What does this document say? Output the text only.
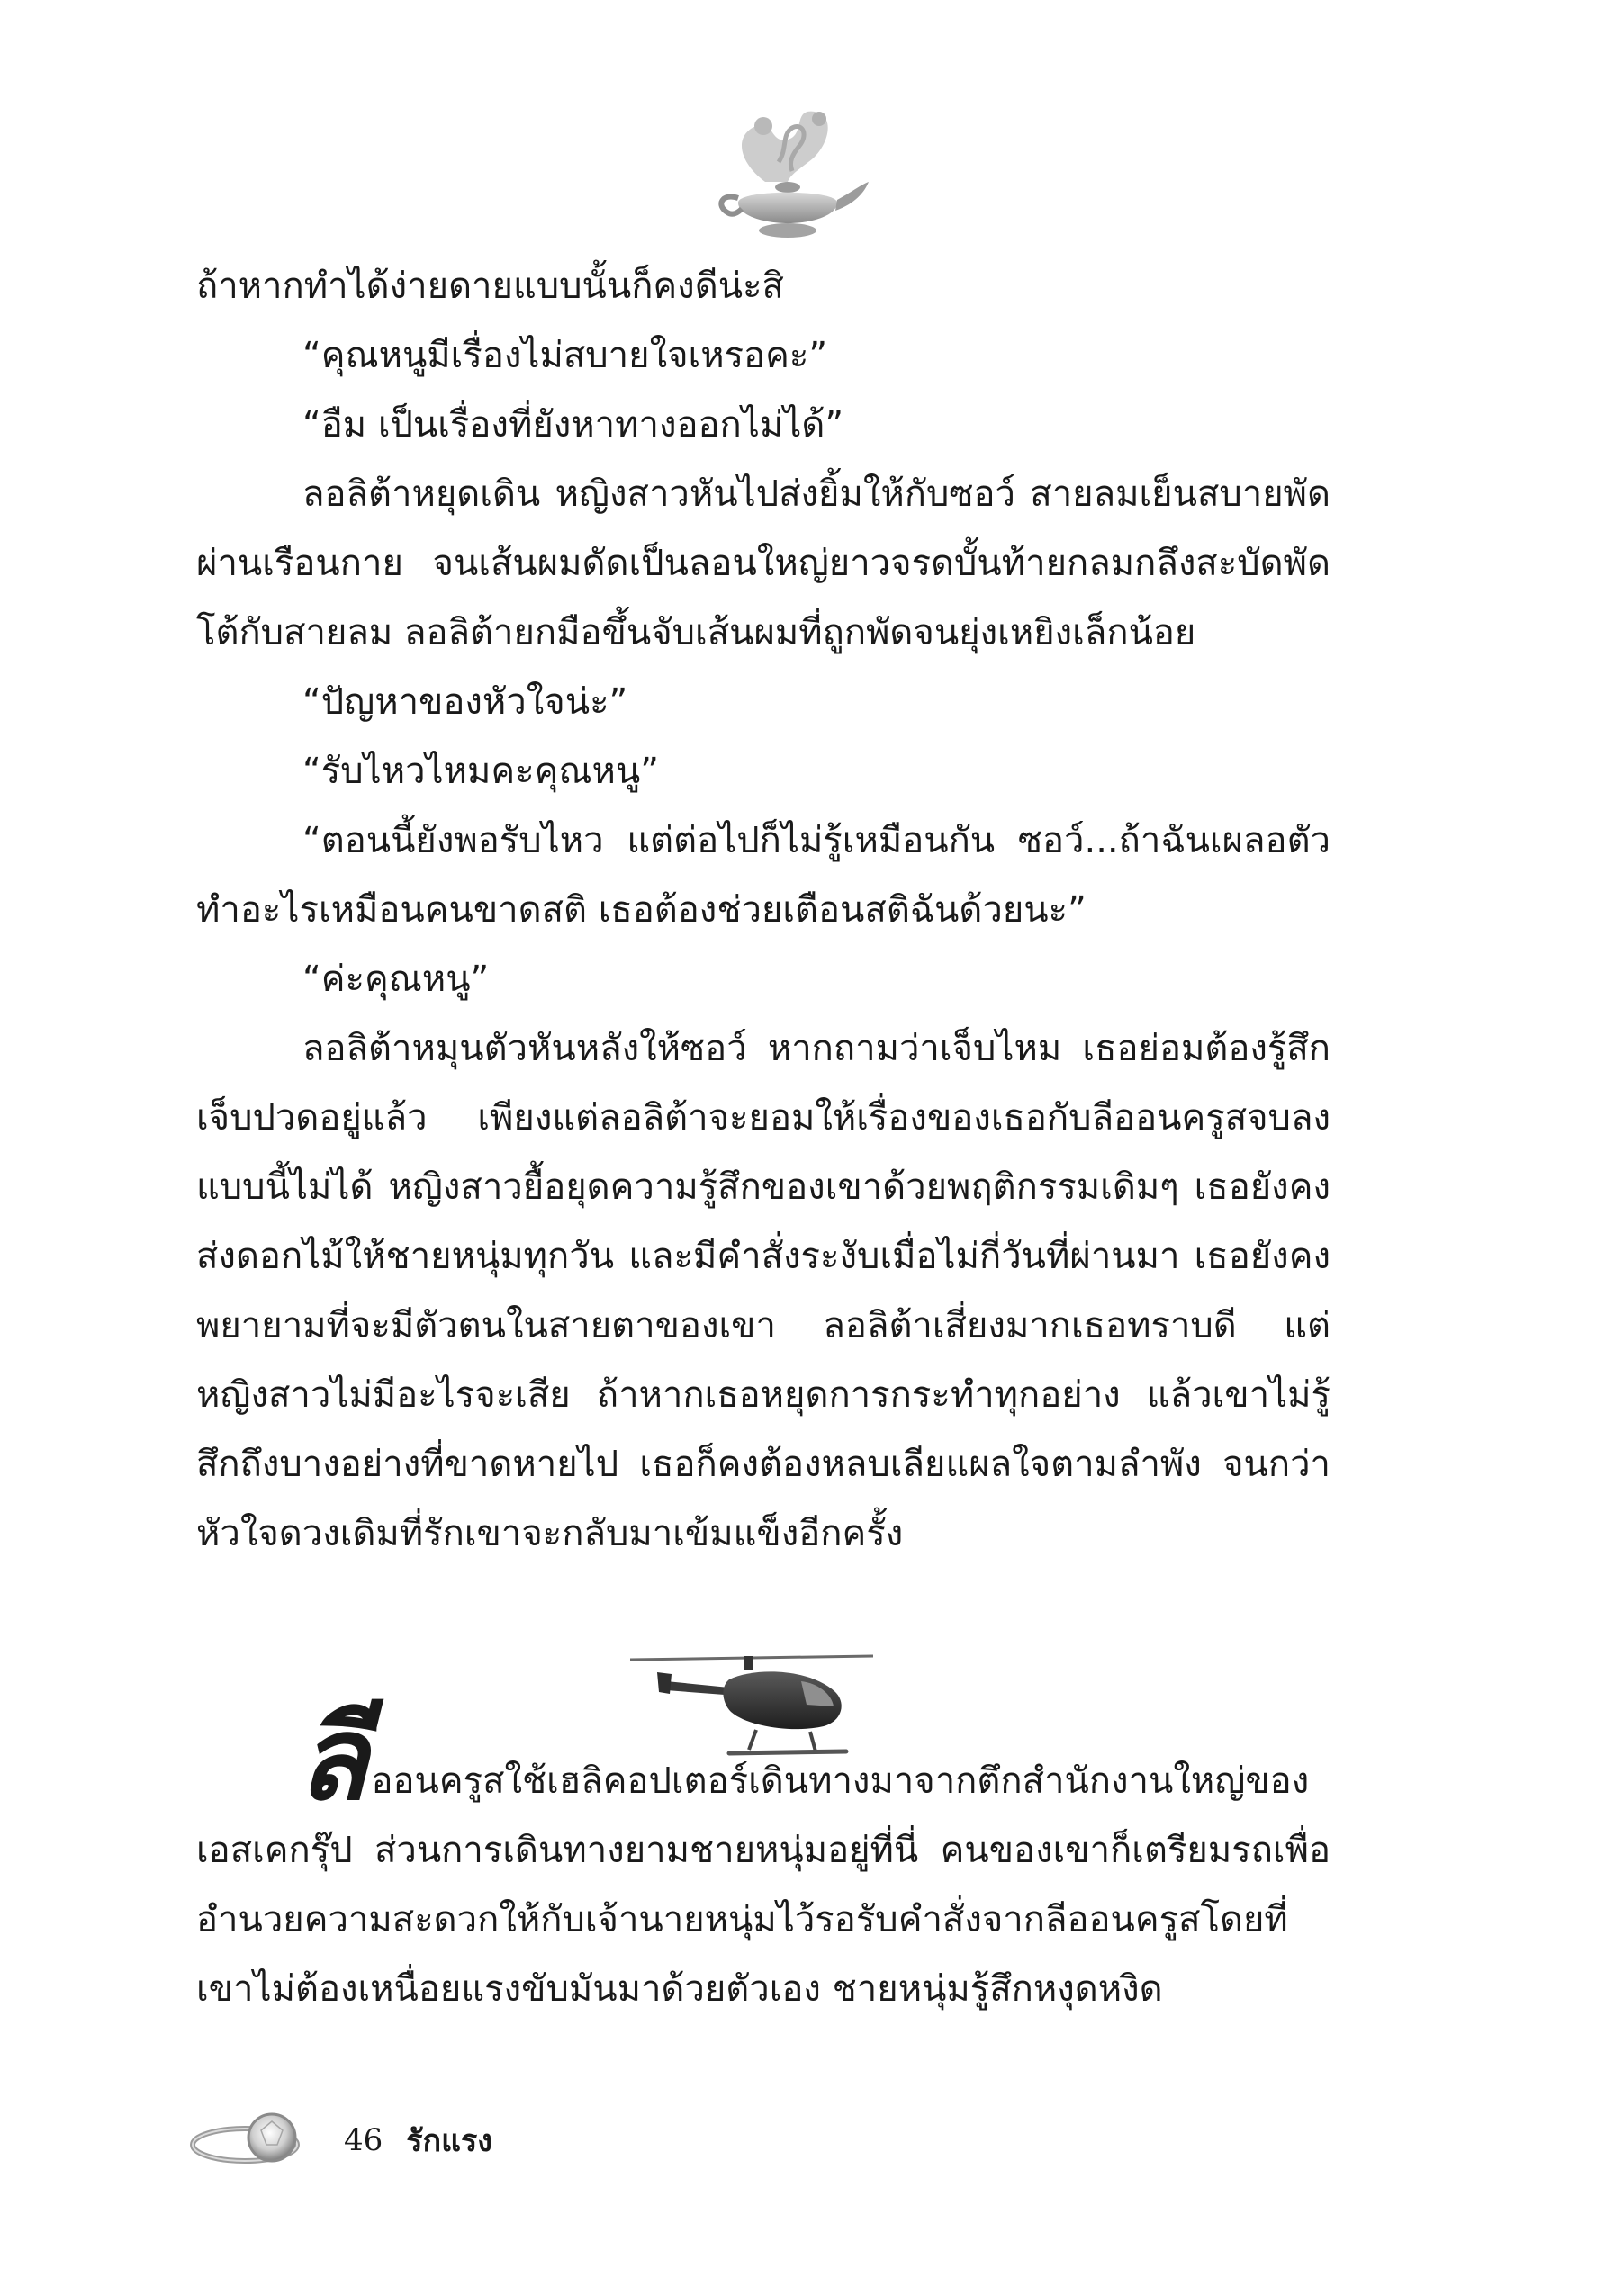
ถ้าหากทำได้ง่ายดายแบบนั้นก็คงดีน่ะสิ

“คุณหนูมีเรื่องไม่สบายใจเหรอคะ”

“อืม เป็นเรื่องที่ยังหาทางออกไม่ได้”

ลอลิต้าหยุดเดิน หญิงสาวหันไปส่งยิ้มให้กับซอว์ สายลมเย็นสบายพัดผ่านเรือนกาย จนเส้นผมดัดเป็นลอนใหญ่ยาวจรดบั้นท้ายกลมกลึงสะบัดพัดโต้กับสายลม ลอลิต้ายกมือขึ้นจับเส้นผมที่ถูกพัดจนยุ่งเหยิงเล็กน้อย

“ปัญหาของหัวใจน่ะ”

“รับไหวไหมคะคุณหนู”

“ตอนนี้ยังพอรับไหว แต่ต่อไปก็ไม่รู้เหมือนกัน ซอว์...ถ้าฉันเผลอตัวทำอะไรเหมือนคนขาดสติ เธอต้องช่วยเตือนสติฉันด้วยนะ”

“ค่ะคุณหนู”

ลอลิต้าหมุนตัวหันหลังให้ซอว์ หากถามว่าเจ็บไหม เธอย่อมต้องรู้สึกเจ็บปวดอยู่แล้ว เพียงแต่ลอลิต้าจะยอมให้เรื่องของเธอกับลีออนครูสจบลงแบบนี้ไม่ได้ หญิงสาวยื้อยุดความรู้สึกของเขาด้วยพฤติกรรมเดิมๆ เธอยังคงส่งดอกไม้ให้ชายหนุ่มทุกวัน และมีคำสั่งระงับเมื่อไม่กี่วันที่ผ่านมา เธอยังคงพยายามที่จะมีตัวตนในสายตาของเขา ลอลิต้าเสี่ยงมากเธอทราบดี แต่หญิงสาวไม่มีอะไรจะเสีย ถ้าหากเธอหยุดการกระทำทุกอย่าง แล้วเขาไม่รู้สึกถึงบางอย่างที่ขาดหายไป เธอก็คงต้องหลบเลียแผลใจตามลำพัง จนกว่าหัวใจดวงเดิมที่รักเขาจะกลับมาเข้มแข็งอีกครั้ง

ลีออนครูสใช้เฮลิคอปเตอร์เดินทางมาจากตึกสำนักงานใหญ่ของเอสเคกรุ๊ป ส่วนการเดินทางยามชายหนุ่มอยู่ที่นี่ คนของเขาก็เตรียมรถเพื่ออำนวยความสะดวกให้กับเจ้านายหนุ่มไว้รอรับคำสั่งจากลีออนครูสโดยที่เขาไม่ต้องเหนื่อยแรงขับมันมาด้วยตัวเอง ชายหนุ่มรู้สึกหงุดหงิด

46 รักแรง
